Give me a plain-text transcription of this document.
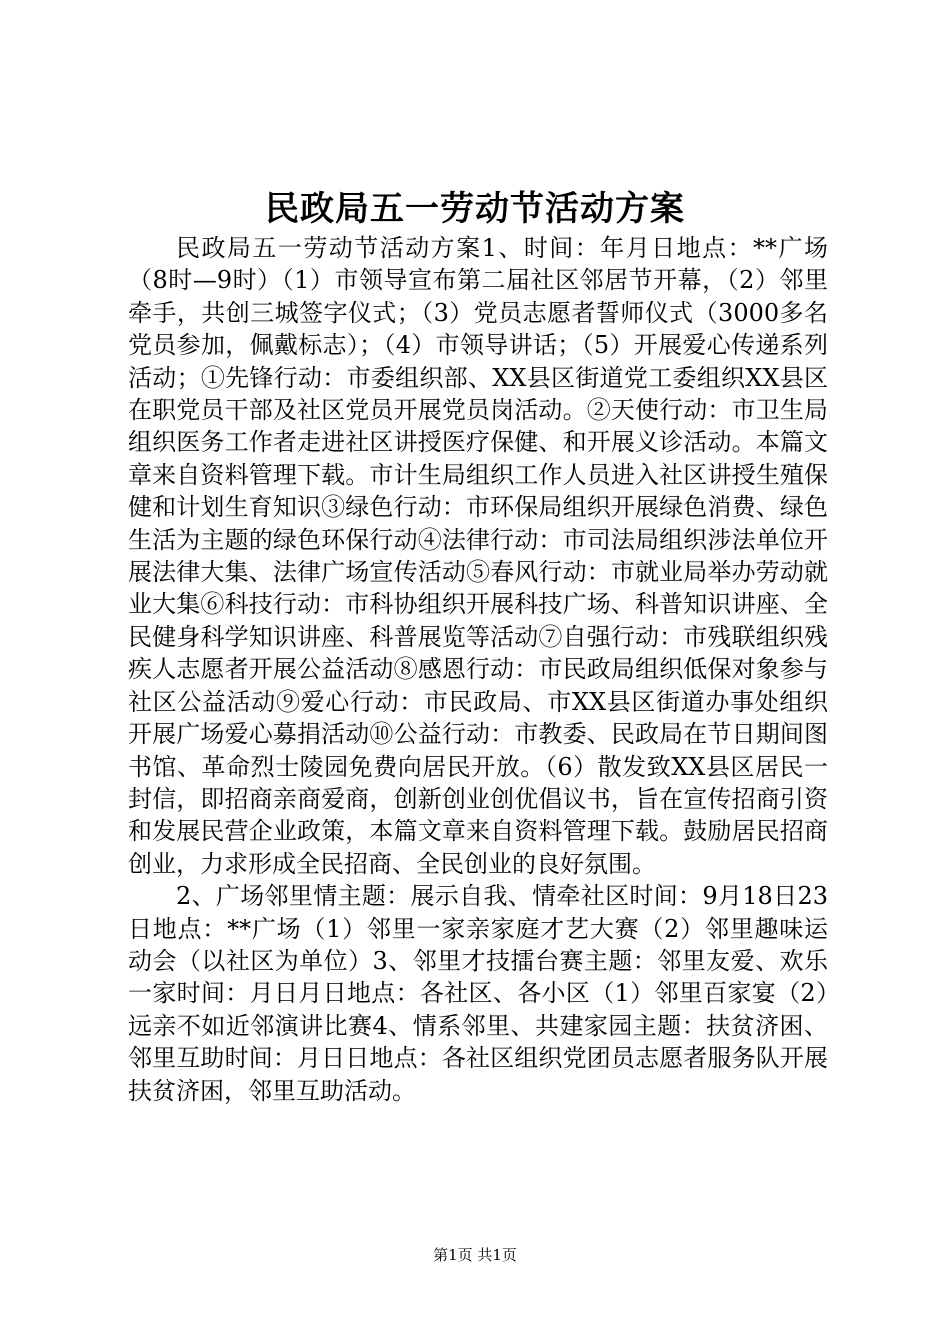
民政局五一劳动节活动方案

民政局五一劳动节活动方案1、时间：年月日地点：**广场（8时—9时）（1）市领导宣布第二届社区邻居节开幕，（2）邻里牵手，共创三城签字仪式；（3）党员志愿者誓师仪式（3000多名党员参加，佩戴标志）；（4）市领导讲话；（5）开展爱心传递系列活动；①先锋行动：市委组织部、XX县区街道党工委组织XX县区在职党员干部及社区党员开展党员岗活动。②天使行动：市卫生局组织医务工作者走进社区讲授医疗保健、和开展义诊活动。本篇文章来自资料管理下载。市计生局组织工作人员进入社区讲授生殖保健和计划生育知识③绿色行动：市环保局组织开展绿色消费、绿色生活为主题的绿色环保行动④法律行动：市司法局组织涉法单位开展法律大集、法律广场宣传活动⑤春风行动：市就业局举办劳动就业大集⑥科技行动：市科协组织开展科技广场、科普知识讲座、全民健身科学知识讲座、科普展览等活动⑦自强行动：市残联组织残疾人志愿者开展公益活动⑧感恩行动：市民政局组织低保对象参与社区公益活动⑨爱心行动：市民政局、市XX县区街道办事处组织开展广场爱心募捐活动⑩公益行动：市教委、民政局在节日期间图书馆、革命烈士陵园免费向居民开放。（6）散发致XX县区居民一封信，即招商亲商爱商，创新创业创优倡议书，旨在宣传招商引资和发展民营企业政策，本篇文章来自资料管理下载。鼓励居民招商创业，力求形成全民招商、全民创业的良好氛围。

2、广场邻里情主题：展示自我、情牵社区时间：9月18日23日地点：**广场（1）邻里一家亲家庭才艺大赛（2）邻里趣味运动会（以社区为单位）3、邻里才技擂台赛主题：邻里友爱、欢乐一家时间：月日月日地点：各社区、各小区（1）邻里百家宴（2）远亲不如近邻演讲比赛4、情系邻里、共建家园主题：扶贫济困、邻里互助时间：月日日地点：各社区组织党团员志愿者服务队开展扶贫济困，邻里互助活动。

第1页 共1页
